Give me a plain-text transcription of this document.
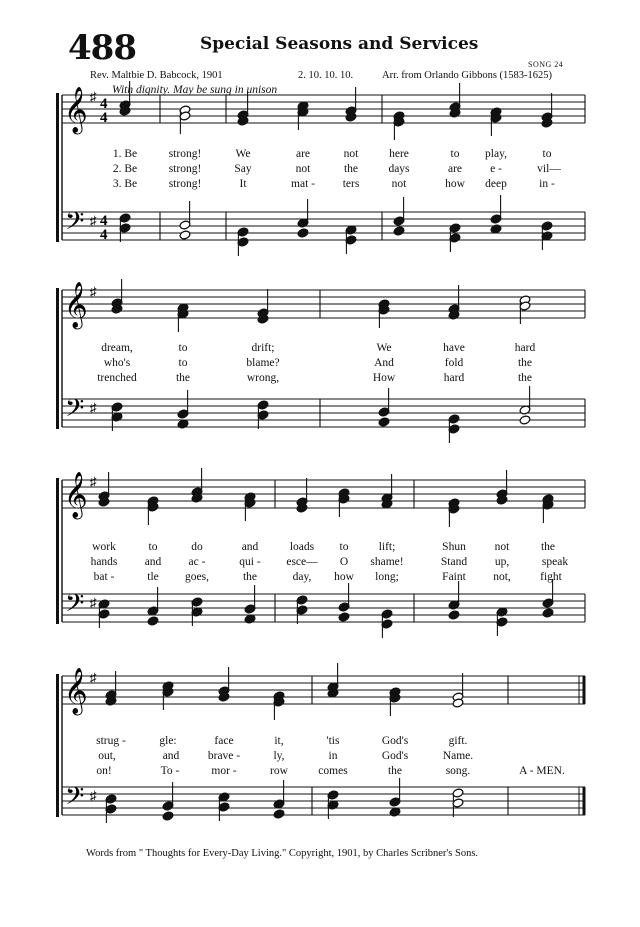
488	Special Seasons and Services
SONG 24
Rev. Maltbie D. Babcock, 1901	2. 10. 10. 10.	Arr. from Orlando Gibbons (1583-1625)
With dignity. May be sung in unison
𝄞
𝄢
♯
♯
4
4
4
4
𝄞
𝄢
♯
♯
𝄞
𝄢
♯
♯
𝄞
𝄢
♯
♯
1. Be	strong!	We	are	not	here	to play,	to
2. Be	strong!	Say	not	the	days	are e -	vil—
3. Be	strong!	It	mat - ters	not	how deep	in -
dream,	to	drift;	We	have	hard
who's	to	blame?	And	fold	the
trenched	the	wrong,	How	hard	the
work	to	do	and	loads to	lift;	Shun	not	the
hands and ac -	qui - esce— O shame!	Stand up,	speak
bat -	tle goes,	the	day, how long;	Faint not,	fight
strug -	gle:	face	it,	'tis	God's	gift.
out,	and brave -	ly,	in	God's	Name.
on!	To -	mor -	row	comes	the	song.	A - MEN.
Words from " Thoughts for Every-Day Living." Copyright, 1901, by Charles Scribner's Sons.
